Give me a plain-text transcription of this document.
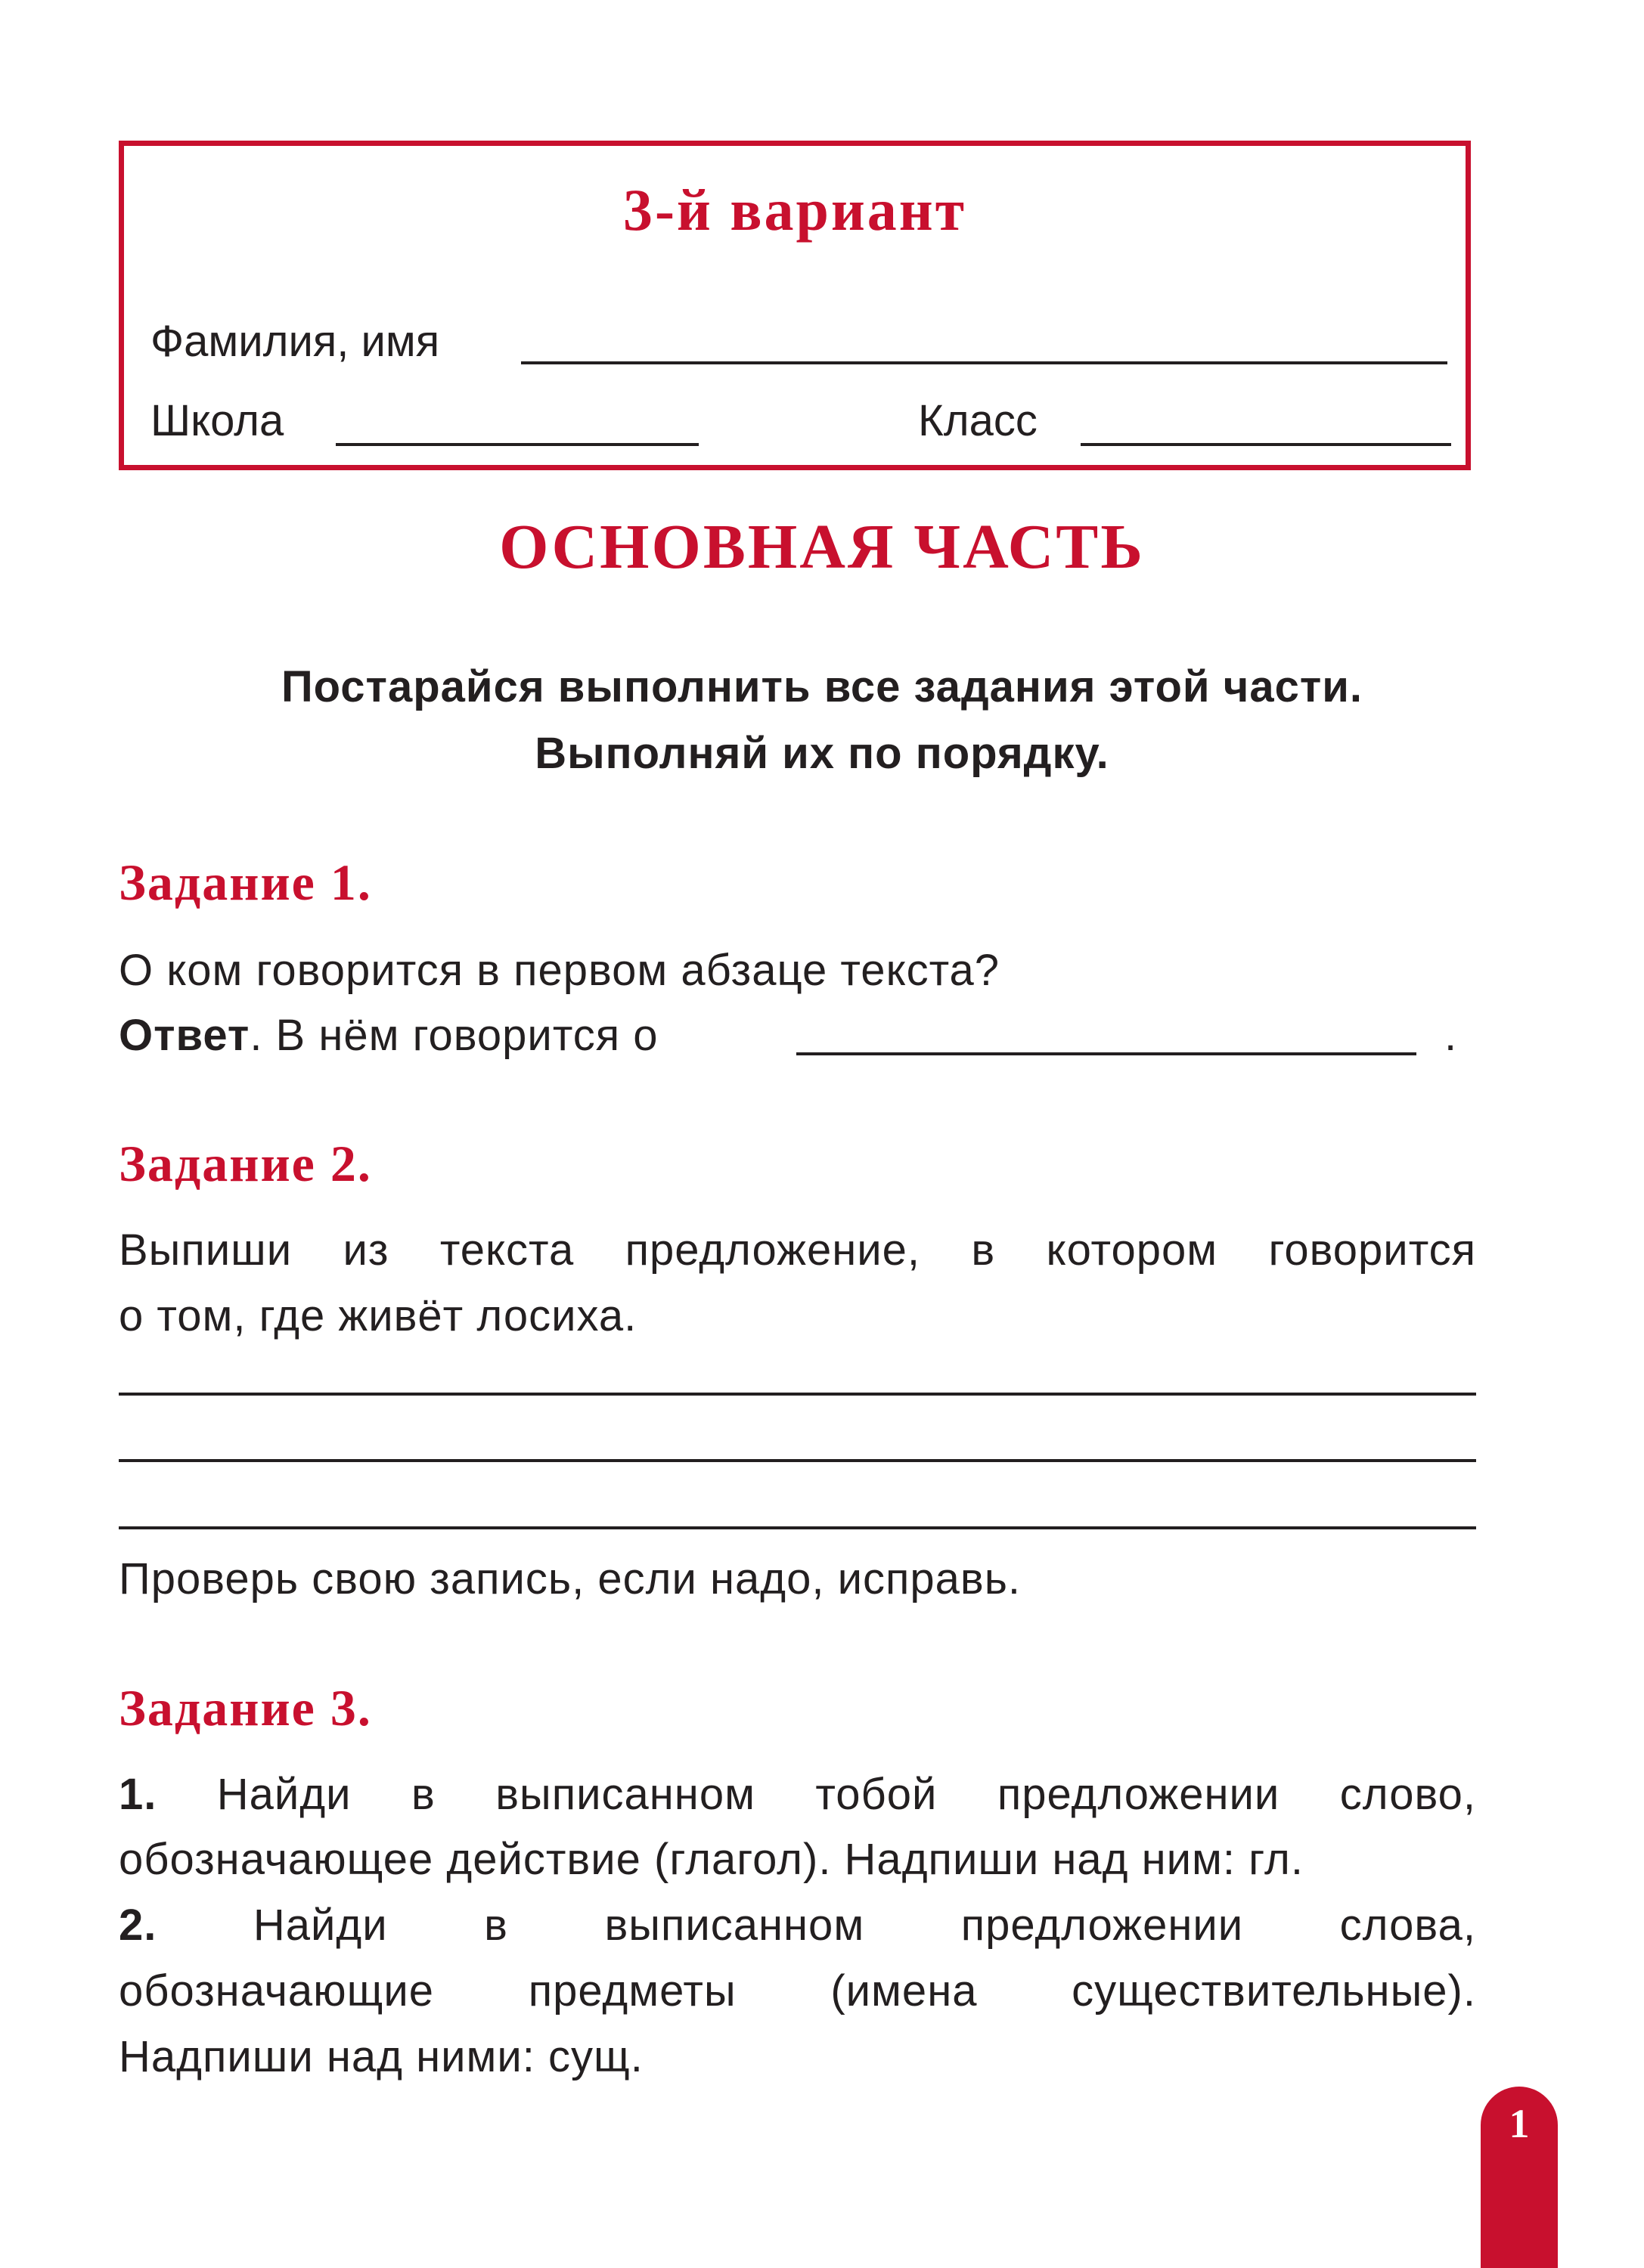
3-й вариант
Фамилия, имя
Школа	Класс
ОСНОВНАЯ ЧАСТЬ
Постарайся выполнить все задания этой части.
Выполняй их по порядку.
Задание 1.
О ком говорится в первом абзаце текста?
Ответ. В нём говорится о	.
Задание 2.
Выпиши из текста предложение, в котором говорится
о том, где живёт лосиха.
Проверь свою запись, если надо, исправь.
Задание 3.
1. Найди в выписанном тобой предложении слово,
обозначающее действие (глагол). Надпиши над ним: гл.
2. Найди в выписанном предложении слова,
обозначающие предметы (имена существительные).
Надпиши над ними: сущ.
1
